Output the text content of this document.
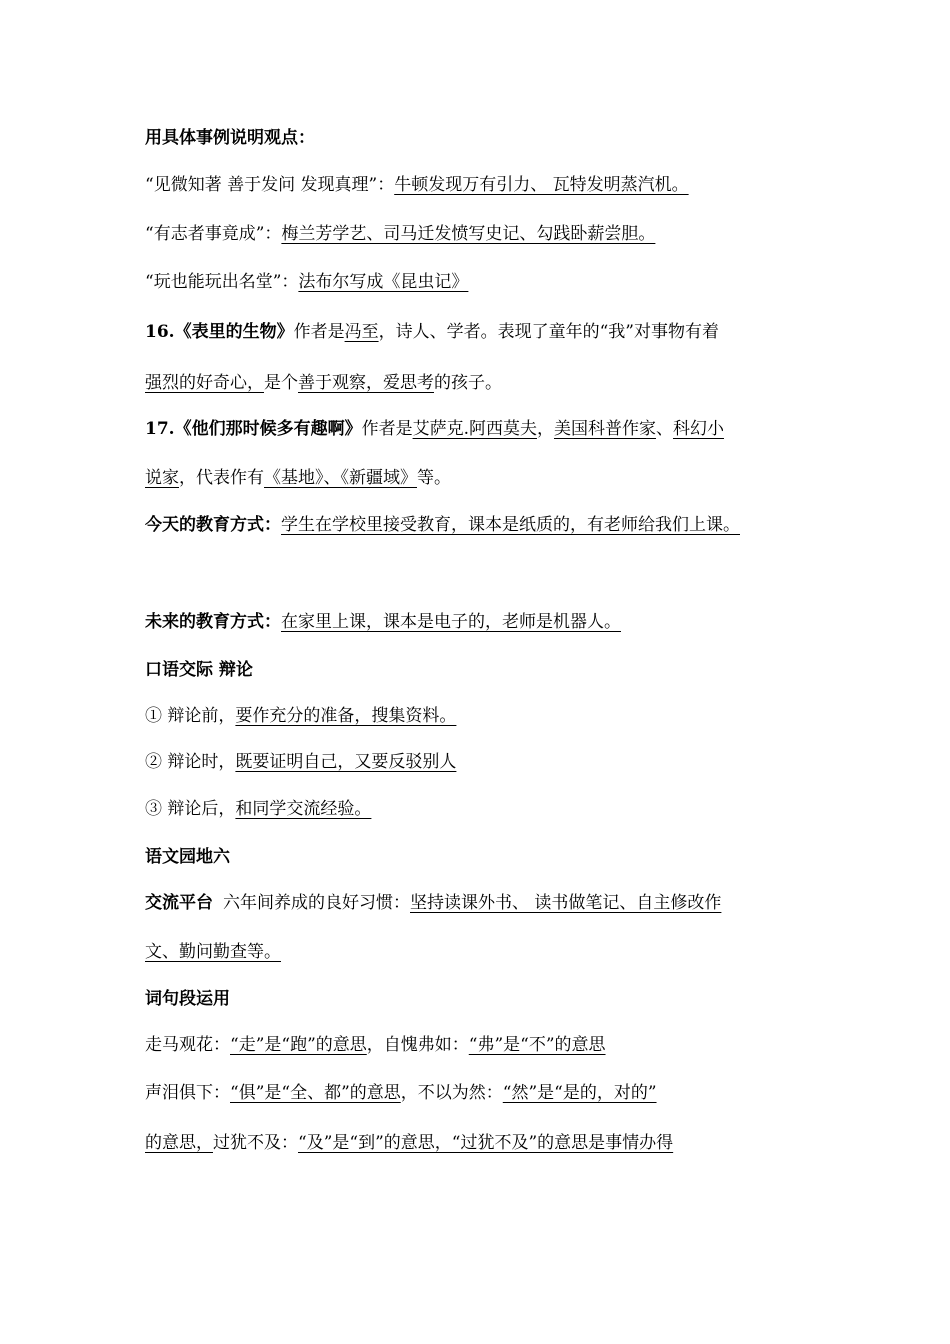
用具体事例说明观点：
“见微知著 善于发问 发现真理”：牛顿发现万有引力、 瓦特发明蒸汽机。
“有志者事竟成”：梅兰芳学艺、司马迁发愤写史记、勾践卧薪尝胆。
“玩也能玩出名堂”：法布尔写成《昆虫记》
16.《表里的生物》作者是冯至，诗人、学者。表现了童年的“我”对事物有着
强烈的好奇心，是个善于观察，爱思考的孩子。
17.《他们那时候多有趣啊》作者是艾萨克.阿西莫夫，美国科普作家、科幻小
说家，代表作有《基地》、《新疆域》等。
今天的教育方式：学生在学校里接受教育，课本是纸质的，有老师给我们上课。
未来的教育方式：在家里上课，课本是电子的，老师是机器人。
口语交际 辩论
① 辩论前，要作充分的准备，搜集资料。
② 辩论时，既要证明自己，又要反驳别人
③ 辩论后，和同学交流经验。
语文园地六
交流平台 六年间养成的良好习惯：坚持读课外书、 读书做笔记、自主修改作
文、勤问勤查等。
词句段运用
走马观花：“走”是“跑”的意思，自愧弗如：“弗”是“不”的意思
声泪俱下：“俱”是“全、都”的意思，不以为然：“然”是“是的，对的”
的意思，过犹不及：“及”是“到”的意思，“过犹不及”的意思是事情办得
